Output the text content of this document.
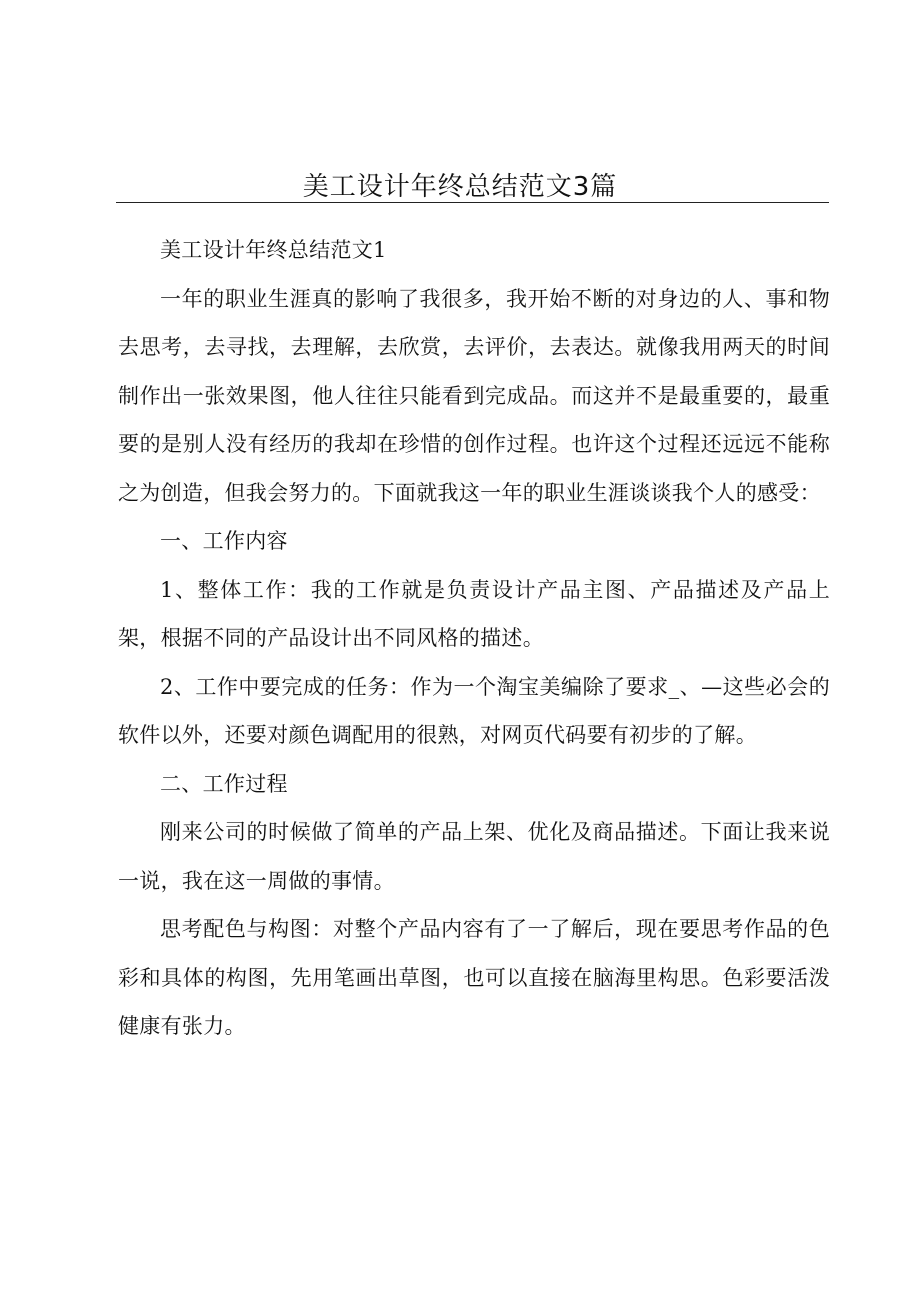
美工设计年终总结范文3篇

美工设计年终总结范文1

一年的职业生涯真的影响了我很多，我开始不断的对身边的人、事和物去思考，去寻找，去理解，去欣赏，去评价，去表达。就像我用两天的时间制作出一张效果图，他人往往只能看到完成品。而这并不是最重要的，最重要的是别人没有经历的我却在珍惜的创作过程。也许这个过程还远远不能称之为创造，但我会努力的。下面就我这一年的职业生涯谈谈我个人的感受：

一、工作内容

1、整体工作：我的工作就是负责设计产品主图、产品描述及产品上架，根据不同的产品设计出不同风格的描述。

2、工作中要完成的任务：作为一个淘宝美编除了要求_、—这些必会的软件以外，还要对颜色调配用的很熟，对网页代码要有初步的了解。

二、工作过程

刚来公司的时候做了简单的产品上架、优化及商品描述。下面让我来说一说，我在这一周做的事情。

思考配色与构图：对整个产品内容有了一了解后，现在要思考作品的色彩和具体的构图，先用笔画出草图，也可以直接在脑海里构思。色彩要活泼健康有张力。
